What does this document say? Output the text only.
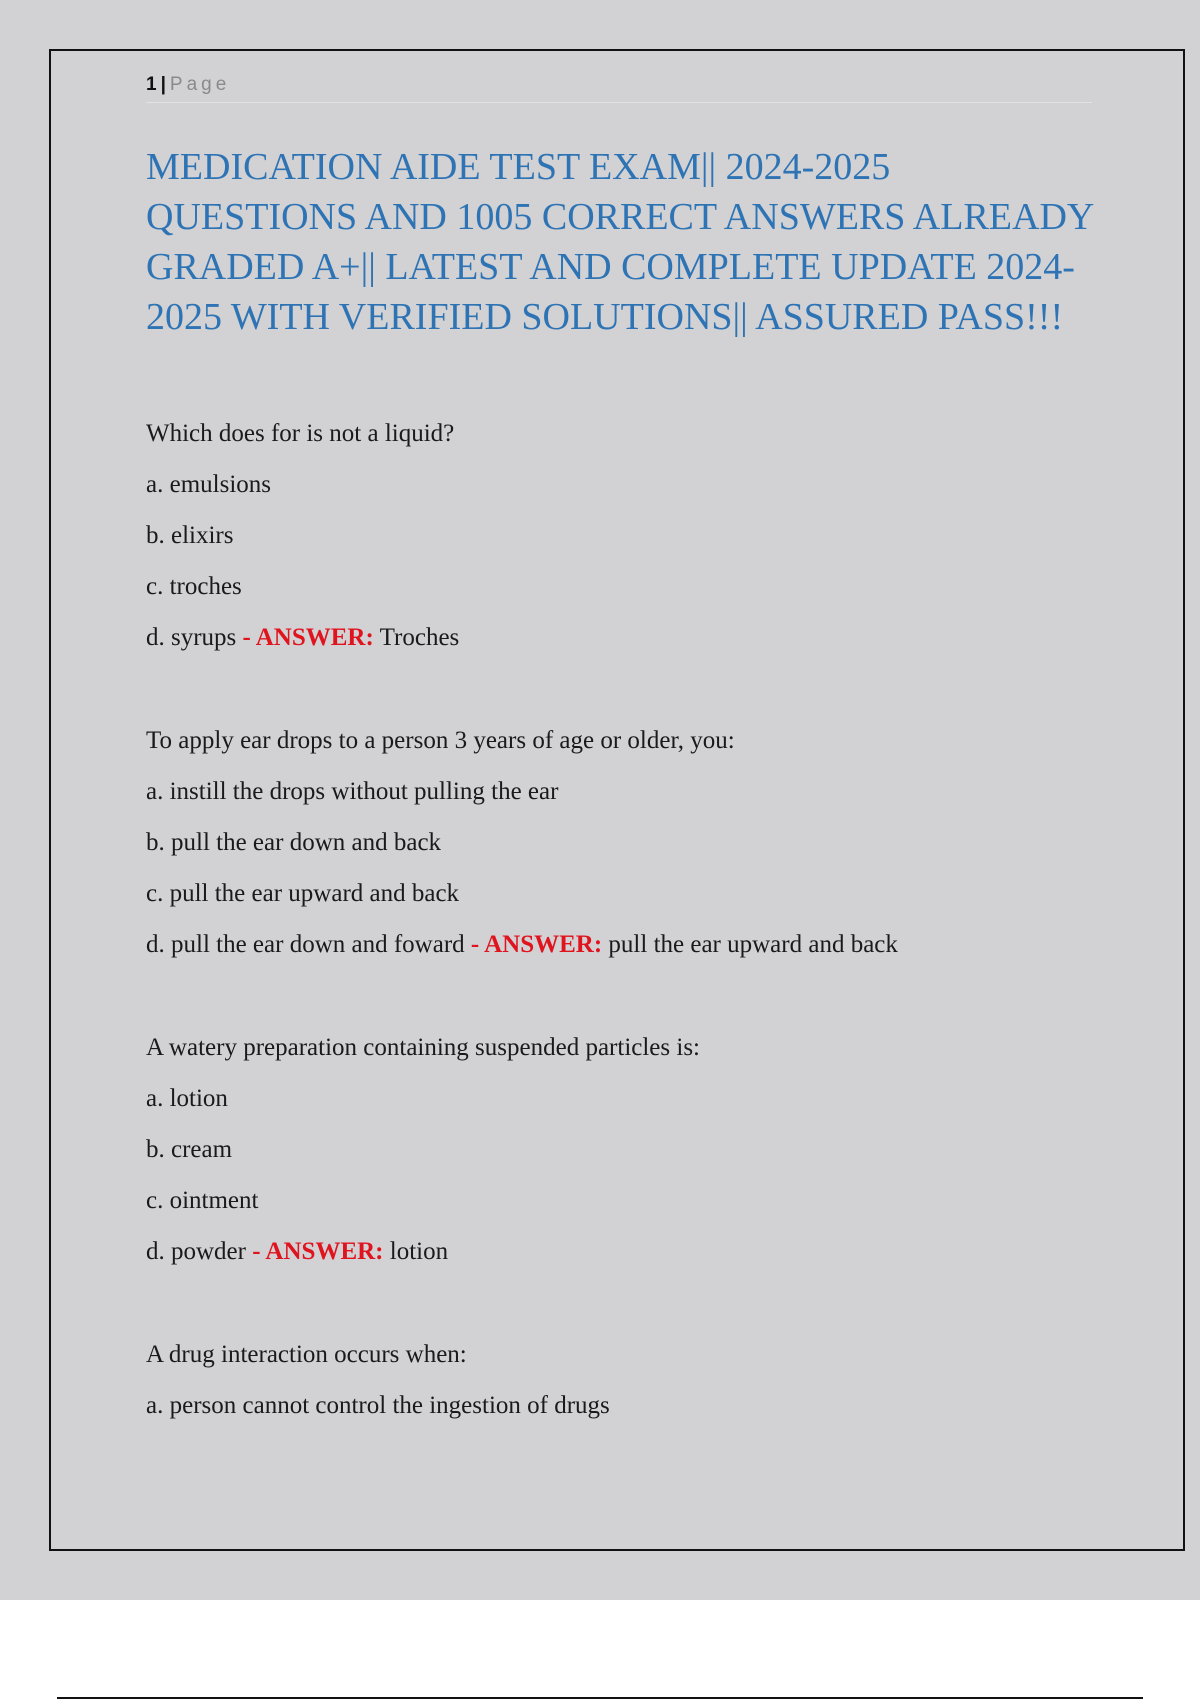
1 | Page
MEDICATION AIDE TEST EXAM|| 2024-2025 QUESTIONS AND 1005 CORRECT ANSWERS ALREADY GRADED A+|| LATEST AND COMPLETE UPDATE 2024-2025 WITH VERIFIED SOLUTIONS|| ASSURED PASS!!!
Which does for is not a liquid?
a. emulsions
b. elixirs
c. troches
d. syrups - ANSWER: Troches
To apply ear drops to a person 3 years of age or older, you:
a. instill the drops without pulling the ear
b. pull the ear down and back
c. pull the ear upward and back
d. pull the ear down and foward - ANSWER: pull the ear upward and back
A watery preparation containing suspended particles is:
a. lotion
b. cream
c. ointment
d. powder - ANSWER: lotion
A drug interaction occurs when:
a. person cannot control the ingestion of drugs
